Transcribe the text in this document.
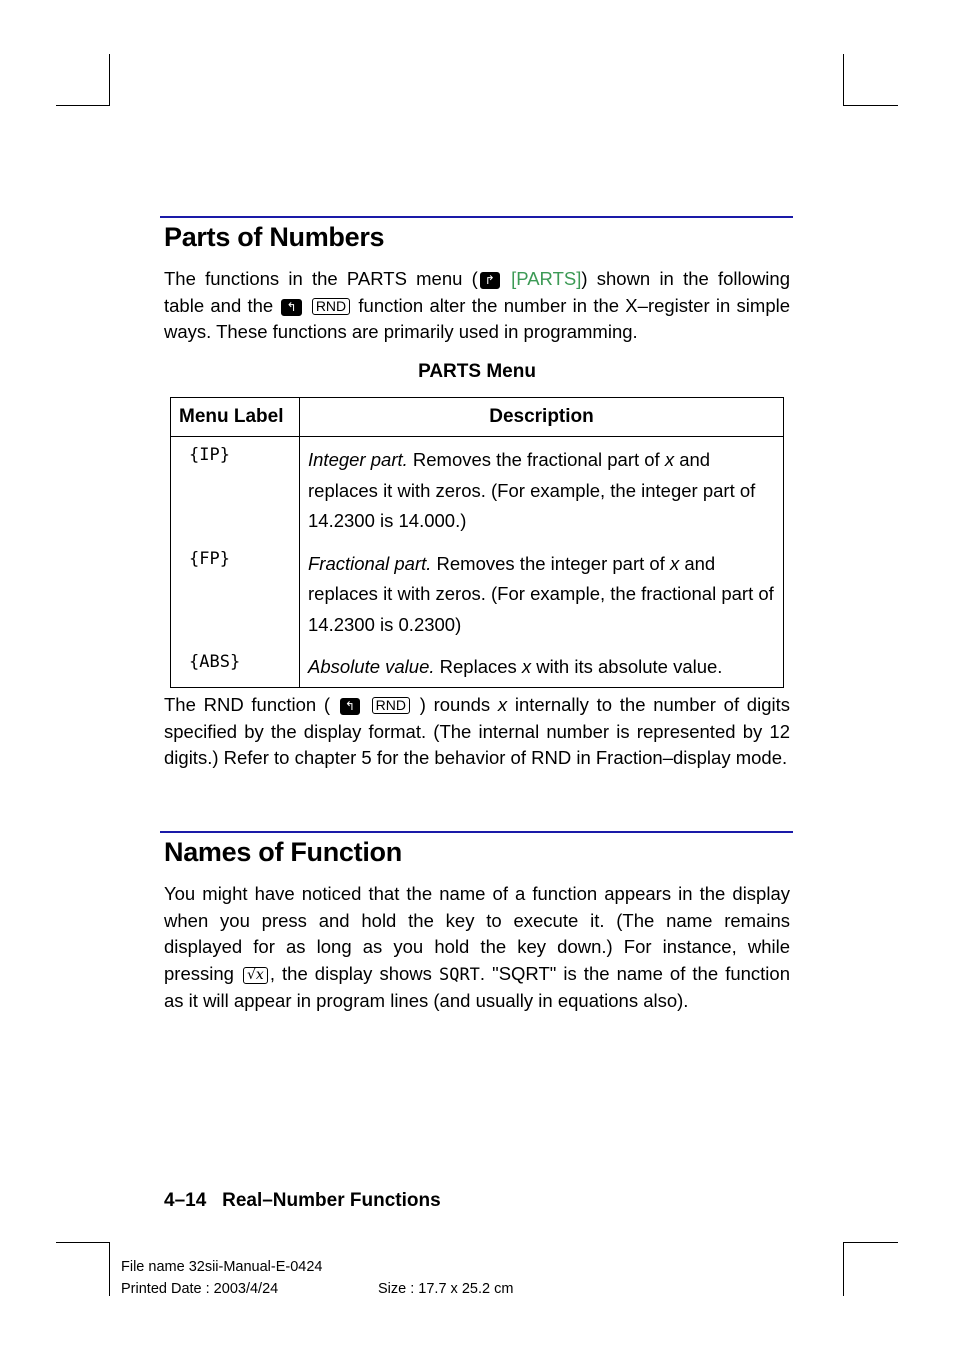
Parts of Numbers

The functions in the PARTS menu ( ↱ [PARTS]) shown in the following table and the ↰ RND function alter the number in the X–register in simple ways. These functions are primarily used in programming.

PARTS Menu
Menu Label	Description
{IP}	Integer part. Removes the fractional part of x and replaces it with zeros. (For example, the integer part of 14.2300 is 14.000.)
{FP}	Fractional part. Removes the integer part of x and replaces it with zeros. (For example, the fractional part of 14.2300 is 0.2300)
{ABS}	Absolute value. Replaces x with its absolute value.

The RND function ( ↰ RND ) rounds x internally to the number of digits specified by the display format. (The internal number is represented by 12 digits.) Refer to chapter 5 for the behavior of RND in Fraction–display mode.

Names of Function

You might have noticed that the name of a function appears in the display when you press and hold the key to execute it. (The name remains displayed for as long as you hold the key down.) For instance, while pressing √x , the display shows SQRT. "SQRT" is the name of the function as it will appear in program lines (and usually in equations also).

4–14   Real–Number Functions
File name 32sii-Manual-E-0424
Printed Date : 2003/4/24	Size : 17.7 x 25.2 cm
